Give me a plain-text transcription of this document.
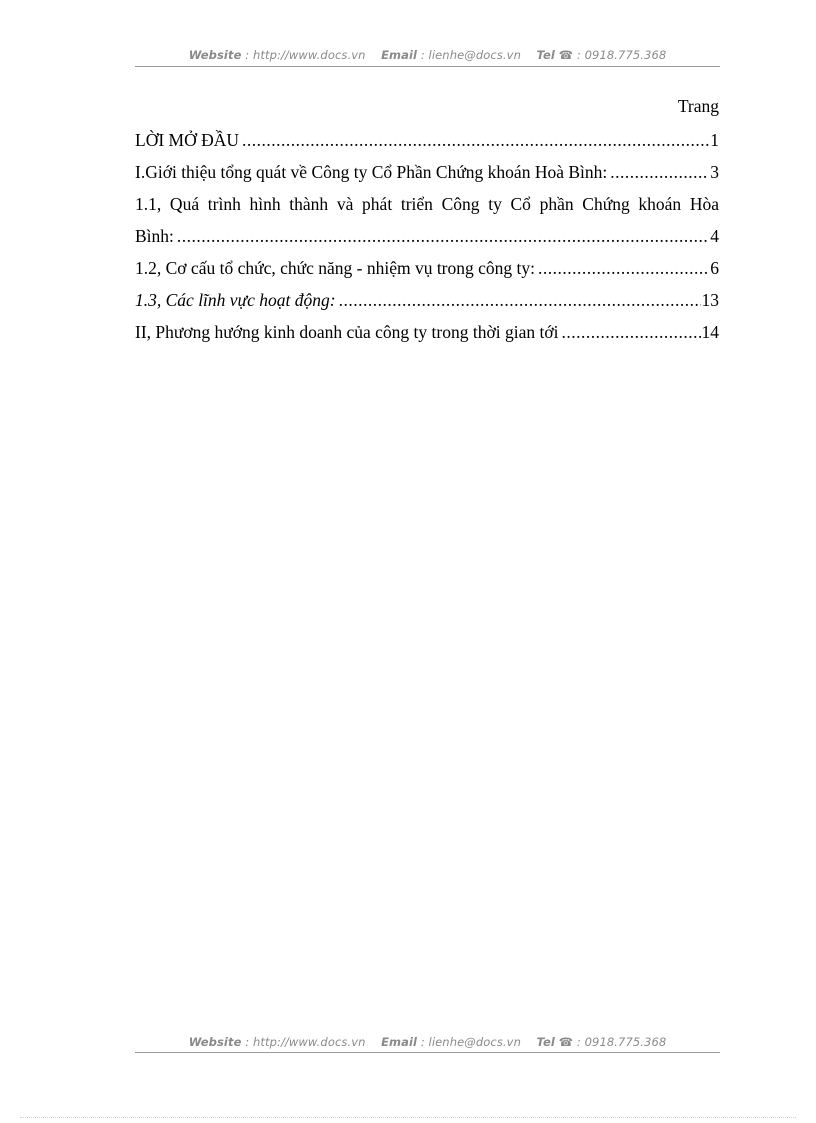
Website : http://www.docs.vn Email : lienhe@docs.vn Tel ☎ : 0918.775.368
Trang
LỜI MỞ ĐẦU .....	1
I.Giới thiệu tổng quát về Công ty Cổ Phần Chứng khoán Hoà Bình: .....	3
1.1, Quá trình hình thành và phát triển Công ty Cổ phần Chứng khoán Hòa
Bình: .....	4
1.2, Cơ cấu tổ chức, chức năng - nhiệm vụ trong công ty: .....	6
1.3, Các lĩnh vực hoạt động: .....	13
II, Phương hướng kinh doanh của công ty trong thời gian tới .....	14
Website : http://www.docs.vn Email : lienhe@docs.vn Tel ☎ : 0918.775.368
